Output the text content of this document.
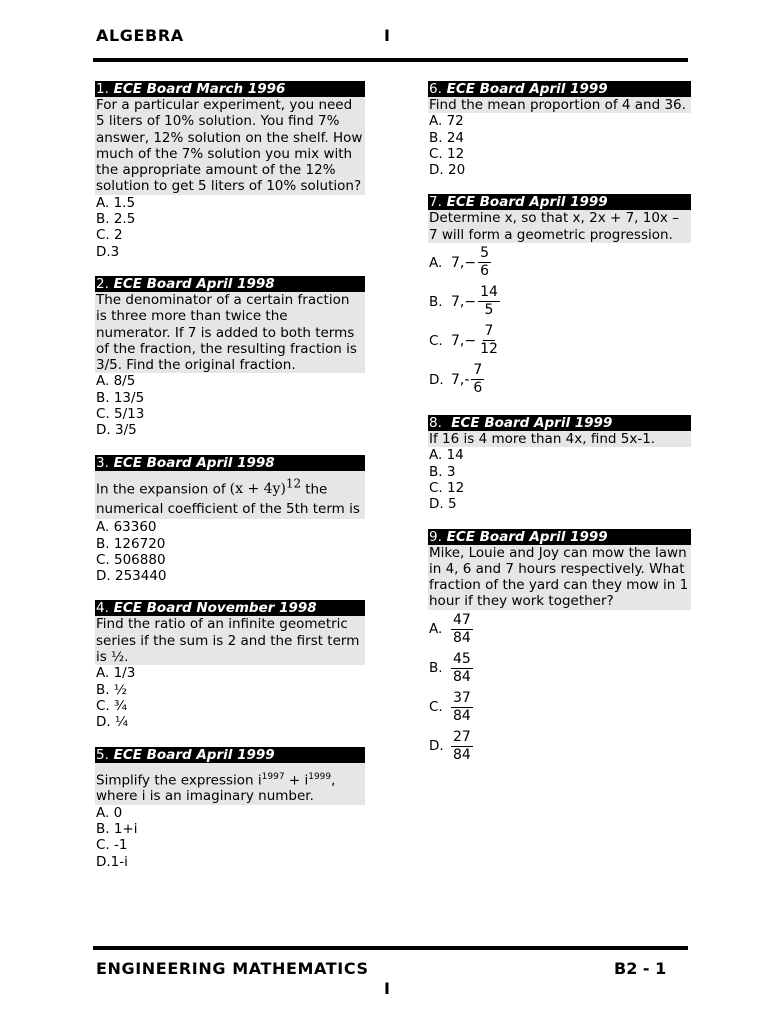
ALGEBRA	I
1. ECE Board March 1996
For a particular experiment, you need 5 liters of 10% solution. You find 7% answer, 12% solution on the shelf. How much of the 7% solution you mix with the appropriate amount of the 12% solution to get 5 liters of 10% solution?
A. 1.5
B. 2.5
C. 2
D.3
2. ECE Board April 1998
The denominator of a certain fraction is three more than twice the numerator. If 7 is added to both terms of the fraction, the resulting fraction is 3/5. Find the original fraction.
A. 8/5
B. 13/5
C. 5/13
D. 3/5
3. ECE Board April 1998
In the expansion of $(x + 4y)^{12}$ the numerical coefficient of the 5th term is
A. 63360
B. 126720
C. 506880
D. 253440
4. ECE Board November 1998
Find the ratio of an infinite geometric series if the sum is 2 and the first term is ½.
A. 1/3
B. ½
C. ¾
D. ¼
5. ECE Board April 1999
Simplify the expression $i^{1997} + i^{1999}$, where i is an imaginary number.
A. 0
B. 1+i
C. -1
D.1-i
6. ECE Board April 1999
Find the mean proportion of 4 and 36.
A. 72
B. 24
C. 12
D. 20
7. ECE Board April 1999
Determine x, so that x, 2x + 7, 10x – 7 will form a geometric progression.
A. $7,- \frac{5}{6}$
B. $7,- \frac{14}{5}$
C. $7,- \frac{7}{12}$
D. $7,- \frac{7}{6}$
8. ECE Board April 1999
If 16 is 4 more than 4x, find 5x-1.
A. 14
B. 3
C. 12
D. 5
9. ECE Board April 1999
Mike, Louie and Joy can mow the lawn in 4, 6 and 7 hours respectively. What fraction of the yard can they mow in 1 hour if they work together?
A. $\frac{47}{84}$
B. $\frac{45}{84}$
C. $\frac{37}{84}$
D. $\frac{27}{84}$
ENGINEERING MATHEMATICS	B2 - 1
I
